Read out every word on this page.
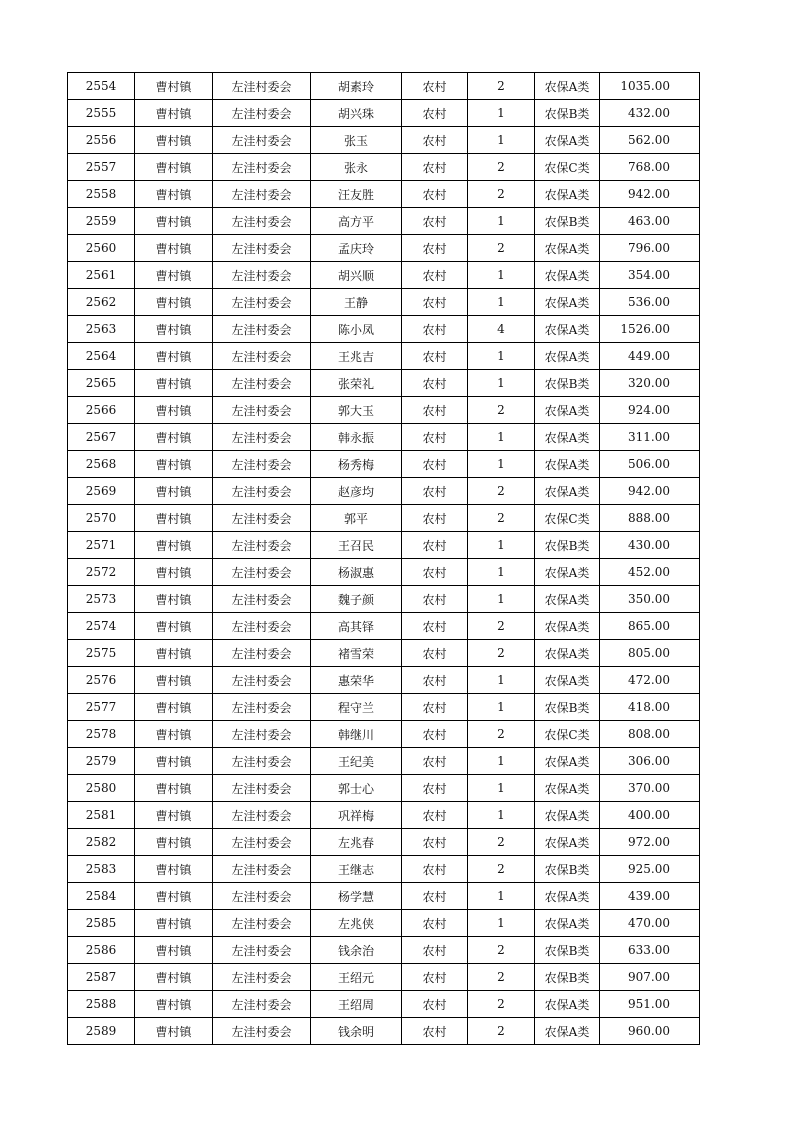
2554	曹村镇	左洼村委会	胡素玲	农村	2	农保A类	1035.00
2555	曹村镇	左洼村委会	胡兴珠	农村	1	农保B类	432.00
2556	曹村镇	左洼村委会	张玉	农村	1	农保A类	562.00
2557	曹村镇	左洼村委会	张永	农村	2	农保C类	768.00
2558	曹村镇	左洼村委会	汪友胜	农村	2	农保A类	942.00
2559	曹村镇	左洼村委会	高方平	农村	1	农保B类	463.00
2560	曹村镇	左洼村委会	孟庆玲	农村	2	农保A类	796.00
2561	曹村镇	左洼村委会	胡兴顺	农村	1	农保A类	354.00
2562	曹村镇	左洼村委会	王静	农村	1	农保A类	536.00
2563	曹村镇	左洼村委会	陈小凤	农村	4	农保A类	1526.00
2564	曹村镇	左洼村委会	王兆吉	农村	1	农保A类	449.00
2565	曹村镇	左洼村委会	张荣礼	农村	1	农保B类	320.00
2566	曹村镇	左洼村委会	郭大玉	农村	2	农保A类	924.00
2567	曹村镇	左洼村委会	韩永振	农村	1	农保A类	311.00
2568	曹村镇	左洼村委会	杨秀梅	农村	1	农保A类	506.00
2569	曹村镇	左洼村委会	赵彦均	农村	2	农保A类	942.00
2570	曹村镇	左洼村委会	郭平	农村	2	农保C类	888.00
2571	曹村镇	左洼村委会	王召民	农村	1	农保B类	430.00
2572	曹村镇	左洼村委会	杨淑惠	农村	1	农保A类	452.00
2573	曹村镇	左洼村委会	魏子颜	农村	1	农保A类	350.00
2574	曹村镇	左洼村委会	高其铎	农村	2	农保A类	865.00
2575	曹村镇	左洼村委会	褚雪荣	农村	2	农保A类	805.00
2576	曹村镇	左洼村委会	惠荣华	农村	1	农保A类	472.00
2577	曹村镇	左洼村委会	程守兰	农村	1	农保B类	418.00
2578	曹村镇	左洼村委会	韩继川	农村	2	农保C类	808.00
2579	曹村镇	左洼村委会	王纪美	农村	1	农保A类	306.00
2580	曹村镇	左洼村委会	郭士心	农村	1	农保A类	370.00
2581	曹村镇	左洼村委会	巩祥梅	农村	1	农保A类	400.00
2582	曹村镇	左洼村委会	左兆春	农村	2	农保A类	972.00
2583	曹村镇	左洼村委会	王继志	农村	2	农保B类	925.00
2584	曹村镇	左洼村委会	杨学慧	农村	1	农保A类	439.00
2585	曹村镇	左洼村委会	左兆侠	农村	1	农保A类	470.00
2586	曹村镇	左洼村委会	钱余治	农村	2	农保B类	633.00
2587	曹村镇	左洼村委会	王绍元	农村	2	农保B类	907.00
2588	曹村镇	左洼村委会	王绍周	农村	2	农保A类	951.00
2589	曹村镇	左洼村委会	钱余明	农村	2	农保A类	960.00
